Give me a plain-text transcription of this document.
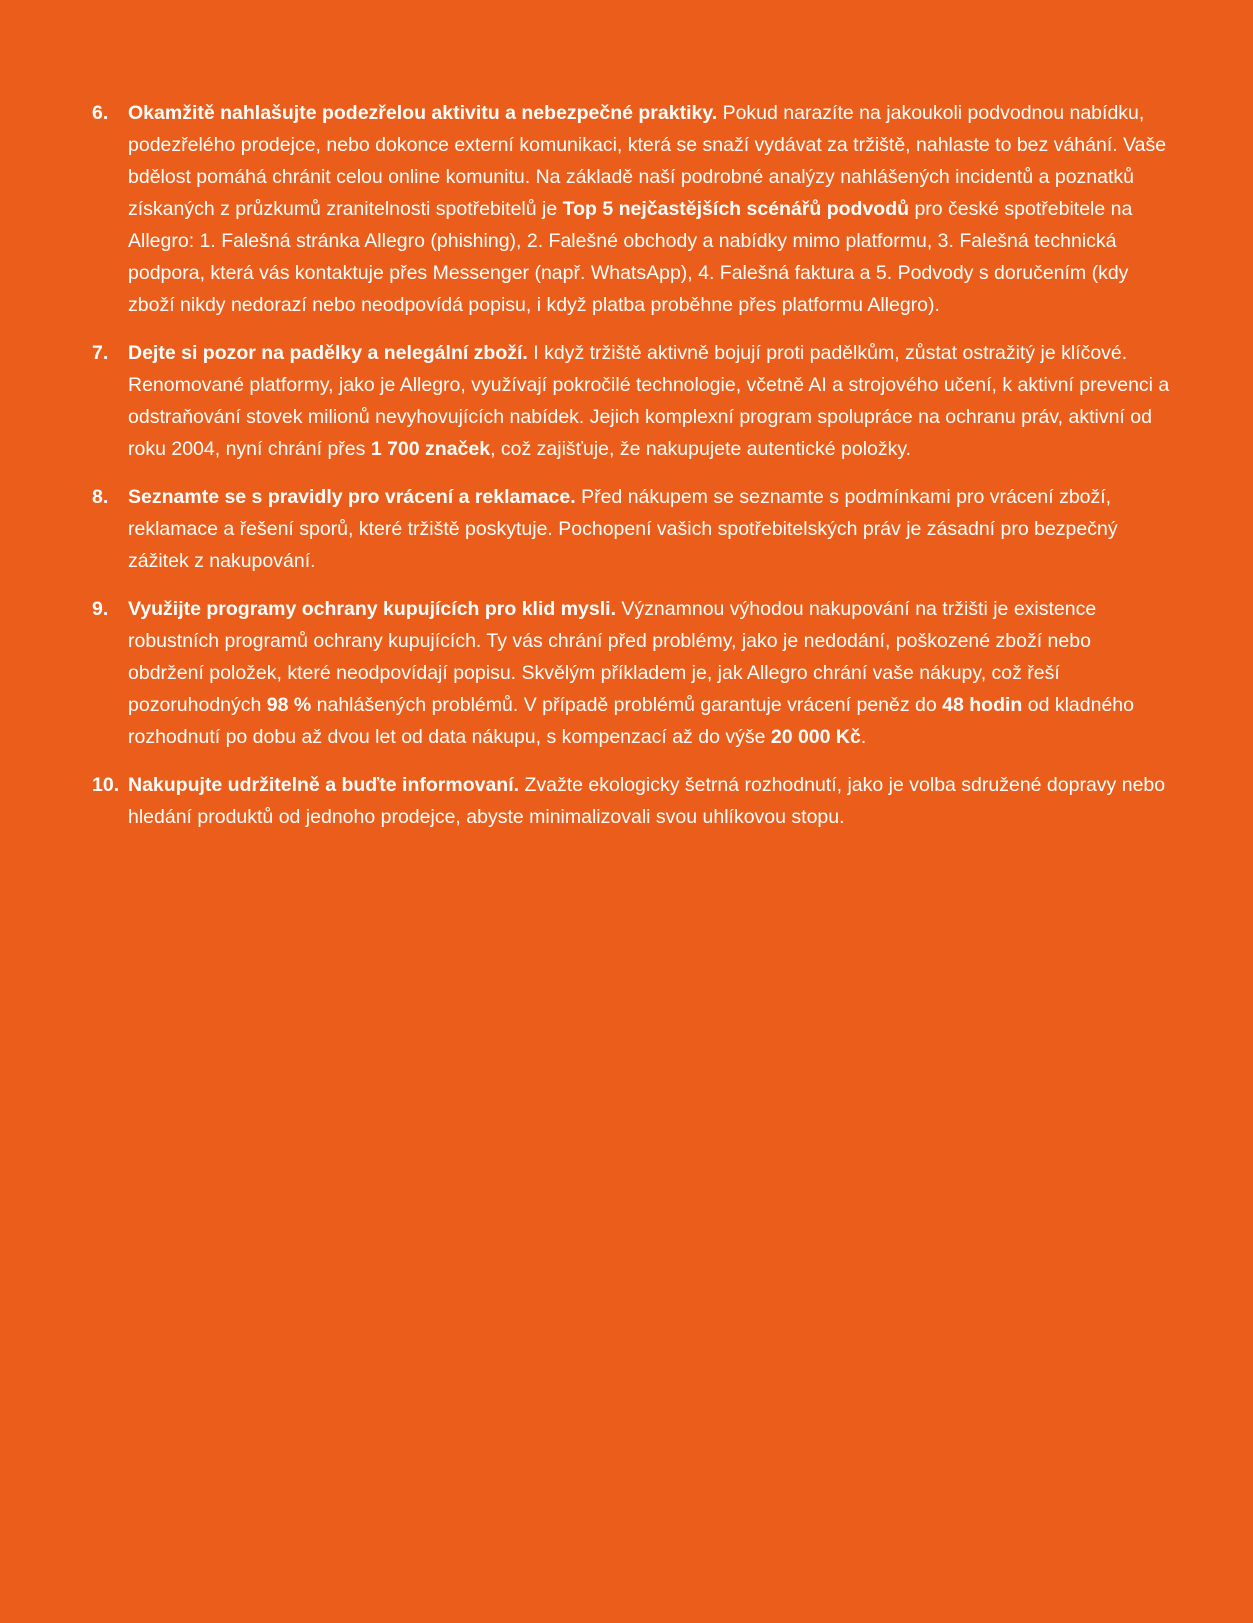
6.	Okamžitě nahlašujte podezřelou aktivitu a nebezpečné praktiky. Pokud narazíte na jakoukoli podvodnou nabídku, podezřelého prodejce, nebo dokonce externí komunikaci, která se snaží vydávat za tržiště, nahlaste to bez váhání. Vaše bdělost pomáhá chránit celou online komunitu. Na základě naší podrobné analýzy nahlášených incidentů a poznatků získaných z průzkumů zranitelnosti spotřebitelů je Top 5 nejčastějších scénářů podvodů pro české spotřebitele na Allegro: 1. Falešná stránka Allegro (phishing), 2. Falešné obchody a nabídky mimo platformu, 3. Falešná technická podpora, která vás kontaktuje přes Messenger (např. WhatsApp), 4. Falešná faktura a 5. Podvody s doručením (kdy zboží nikdy nedorazí nebo neodpovídá popisu, i když platba proběhne přes platformu Allegro).
7.	Dejte si pozor na padělky a nelegální zboží. I když tržiště aktivně bojují proti padělkům, zůstat ostražitý je klíčové. Renomované platformy, jako je Allegro, využívají pokročilé technologie, včetně AI a strojového učení, k aktivní prevenci a odstraňování stovek milionů nevyhovujících nabídek. Jejich komplexní program spolupráce na ochranu práv, aktivní od roku 2004, nyní chrání přes 1 700 značek, což zajišťuje, že nakupujete autentické položky.
8.	Seznamte se s pravidly pro vrácení a reklamace. Před nákupem se seznamte s podmínkami pro vrácení zboží, reklamace a řešení sporů, které tržiště poskytuje. Pochopení vašich spotřebitelských práv je zásadní pro bezpečný zážitek z nakupování.
9.	Využijte programy ochrany kupujících pro klid mysli. Významnou výhodou nakupování na tržišti je existence robustních programů ochrany kupujících. Ty vás chrání před problémy, jako je nedodání, poškozené zboží nebo obdržení položek, které neodpovídají popisu. Skvělým příkladem je, jak Allegro chrání vaše nákupy, což řeší pozoruhodných 98 % nahlášených problémů. V případě problémů garantuje vrácení peněz do 48 hodin od kladného rozhodnutí po dobu až dvou let od data nákupu, s kompenzací až do výše 20 000 Kč.
10. Nakupujte udržitelně a buďte informovaní. Zvažte ekologicky šetrná rozhodnutí, jako je volba sdružené dopravy nebo hledání produktů od jednoho prodejce, abyste minimalizovali svou uhlíkovou stopu.
